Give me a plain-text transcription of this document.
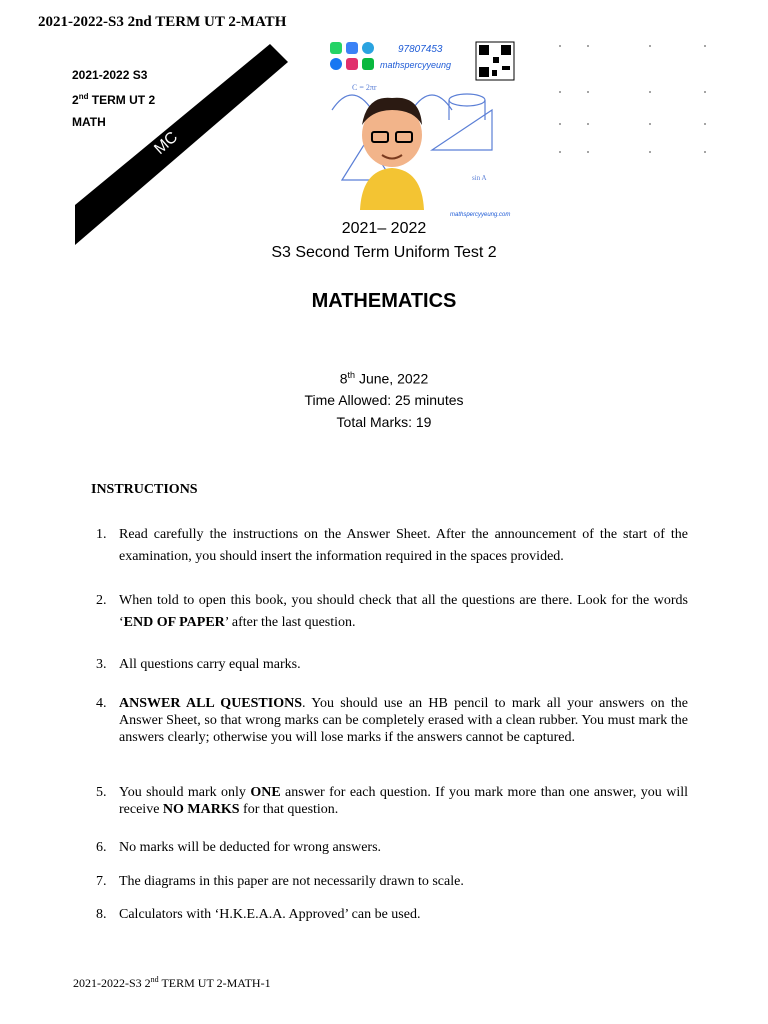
2021-2022-S3 2nd TERM UT 2-MATH
MC
2021-2022 S3
2nd TERM UT 2
MATH
97807453
mathspercyyeung
C = 2πr
sin A
mathspercyyeung.com
2021– 2022
S3 Second Term Uniform Test 2
MATHEMATICS
8th June, 2022
Time Allowed: 25 minutes
Total Marks: 19
INSTRUCTIONS
1. Read carefully the instructions on the Answer Sheet. After the announcement of the start of the examination, you should insert the information required in the spaces provided.
2. When told to open this book, you should check that all the questions are there. Look for the words ‘END OF PAPER’ after the last question.
3. All questions carry equal marks.
4. ANSWER ALL QUESTIONS. You should use an HB pencil to mark all your answers on the Answer Sheet, so that wrong marks can be completely erased with a clean rubber. You must mark the answers clearly; otherwise you will lose marks if the answers cannot be captured.
5. You should mark only ONE answer for each question. If you mark more than one answer, you will receive NO MARKS for that question.
6. No marks will be deducted for wrong answers.
7. The diagrams in this paper are not necessarily drawn to scale.
8. Calculators with ‘H.K.E.A.A. Approved’ can be used.
2021-2022-S3 2nd TERM UT 2-MATH-1
